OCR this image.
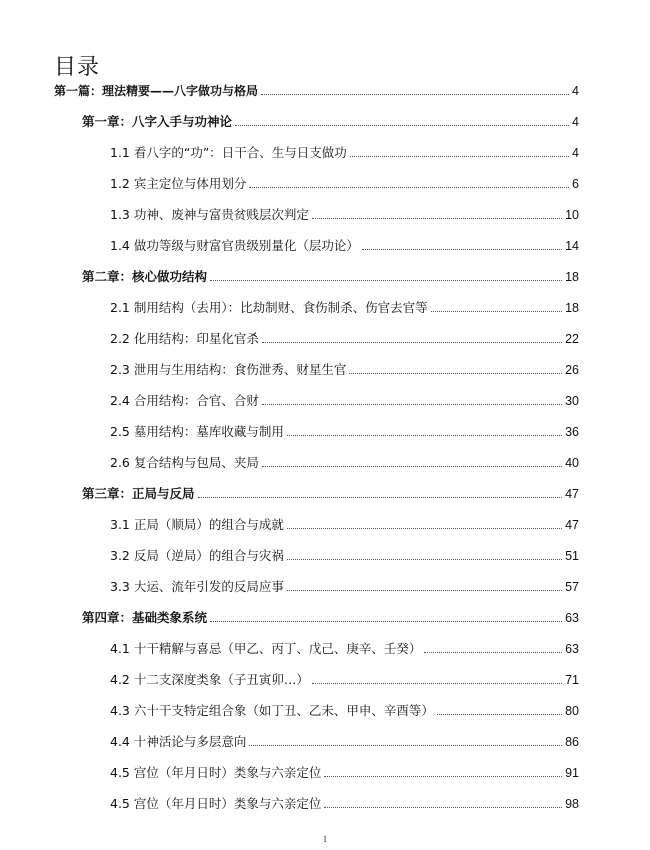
目录
第一篇： 理法精要——八字做功与格局	4
第一章： 八字入手与功神论	4
1.1 看八字的“功”：日干合、生与日支做功	4
1.2 宾主定位与体用划分	6
1.3 功神、废神与富贵贫贱层次判定	10
1.4 做功等级与财富官贵级别量化（层功论）	14
第二章： 核心做功结构	18
2.1 制用结构（去用）：比劫制财、食伤制杀、伤官去官等	18
2.2 化用结构：印星化官杀	22
2.3 泄用与生用结构：食伤泄秀、财星生官	26
2.4 合用结构：合官、合财	30
2.5 墓用结构：墓库收藏与制用	36
2.6 复合结构与包局、夹局	40
第三章： 正局与反局	47
3.1 正局（顺局）的组合与成就	47
3.2 反局（逆局）的组合与灾祸	51
3.3 大运、流年引发的反局应事	57
第四章： 基础类象系统	63
4.1 十干精解与喜忌（甲乙、丙丁、戊己、庚辛、壬癸）	63
4.2 十二支深度类象（子丑寅卯…）	71
4.3 六十干支特定组合象（如丁丑、乙未、甲申、辛酉等）	80
4.4 十神活论与多层意向	86
4.5 宫位（年月日时）类象与六亲定位	91
4.5 宫位（年月日时）类象与六亲定位	98
1
